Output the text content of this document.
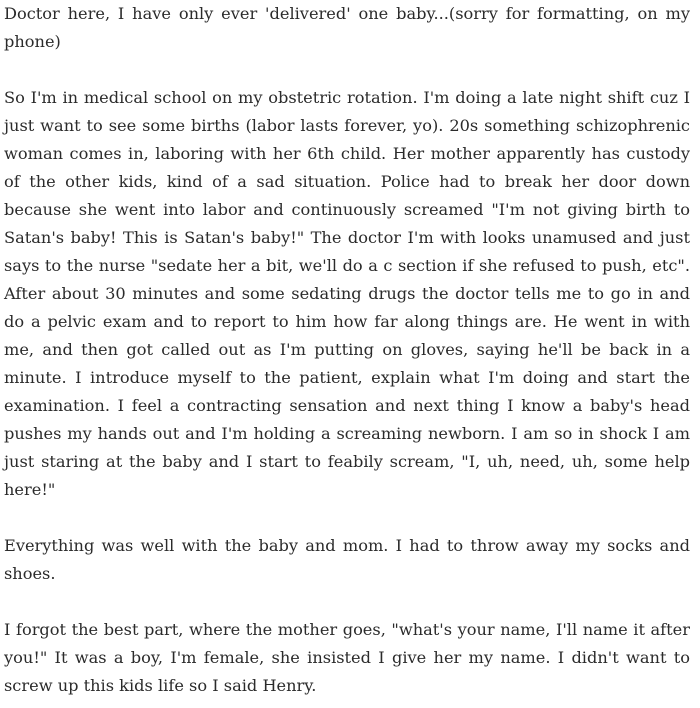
Doctor here, I have only ever 'delivered' one baby...(sorry for formatting, on my phone)

So I'm in medical school on my obstetric rotation. I'm doing a late night shift cuz I just want to see some births (labor lasts forever, yo). 20s something schizophrenic woman comes in, laboring with her 6th child. Her mother apparently has custody of the other kids, kind of a sad situation. Police had to break her door down because she went into labor and continuously screamed "I'm not giving birth to Satan's baby! This is Satan's baby!" The doctor I'm with looks unamused and just says to the nurse "sedate her a bit, we'll do a c section if she refused to push, etc". After about 30 minutes and some sedating drugs the doctor tells me to go in and do a pelvic exam and to report to him how far along things are. He went in with me, and then got called out as I'm putting on gloves, saying he'll be back in a minute. I introduce myself to the patient, explain what I'm doing and start the examination. I feel a contracting sensation and next thing I know a baby's head pushes my hands out and I'm holding a screaming newborn. I am so in shock I am just staring at the baby and I start to feabily scream, "I, uh, need, uh, some help here!"

Everything was well with the baby and mom. I had to throw away my socks and shoes.

I forgot the best part, where the mother goes, "what's your name, I'll name it after you!" It was a boy, I'm female, she insisted I give her my name. I didn't want to screw up this kids life so I said Henry.
